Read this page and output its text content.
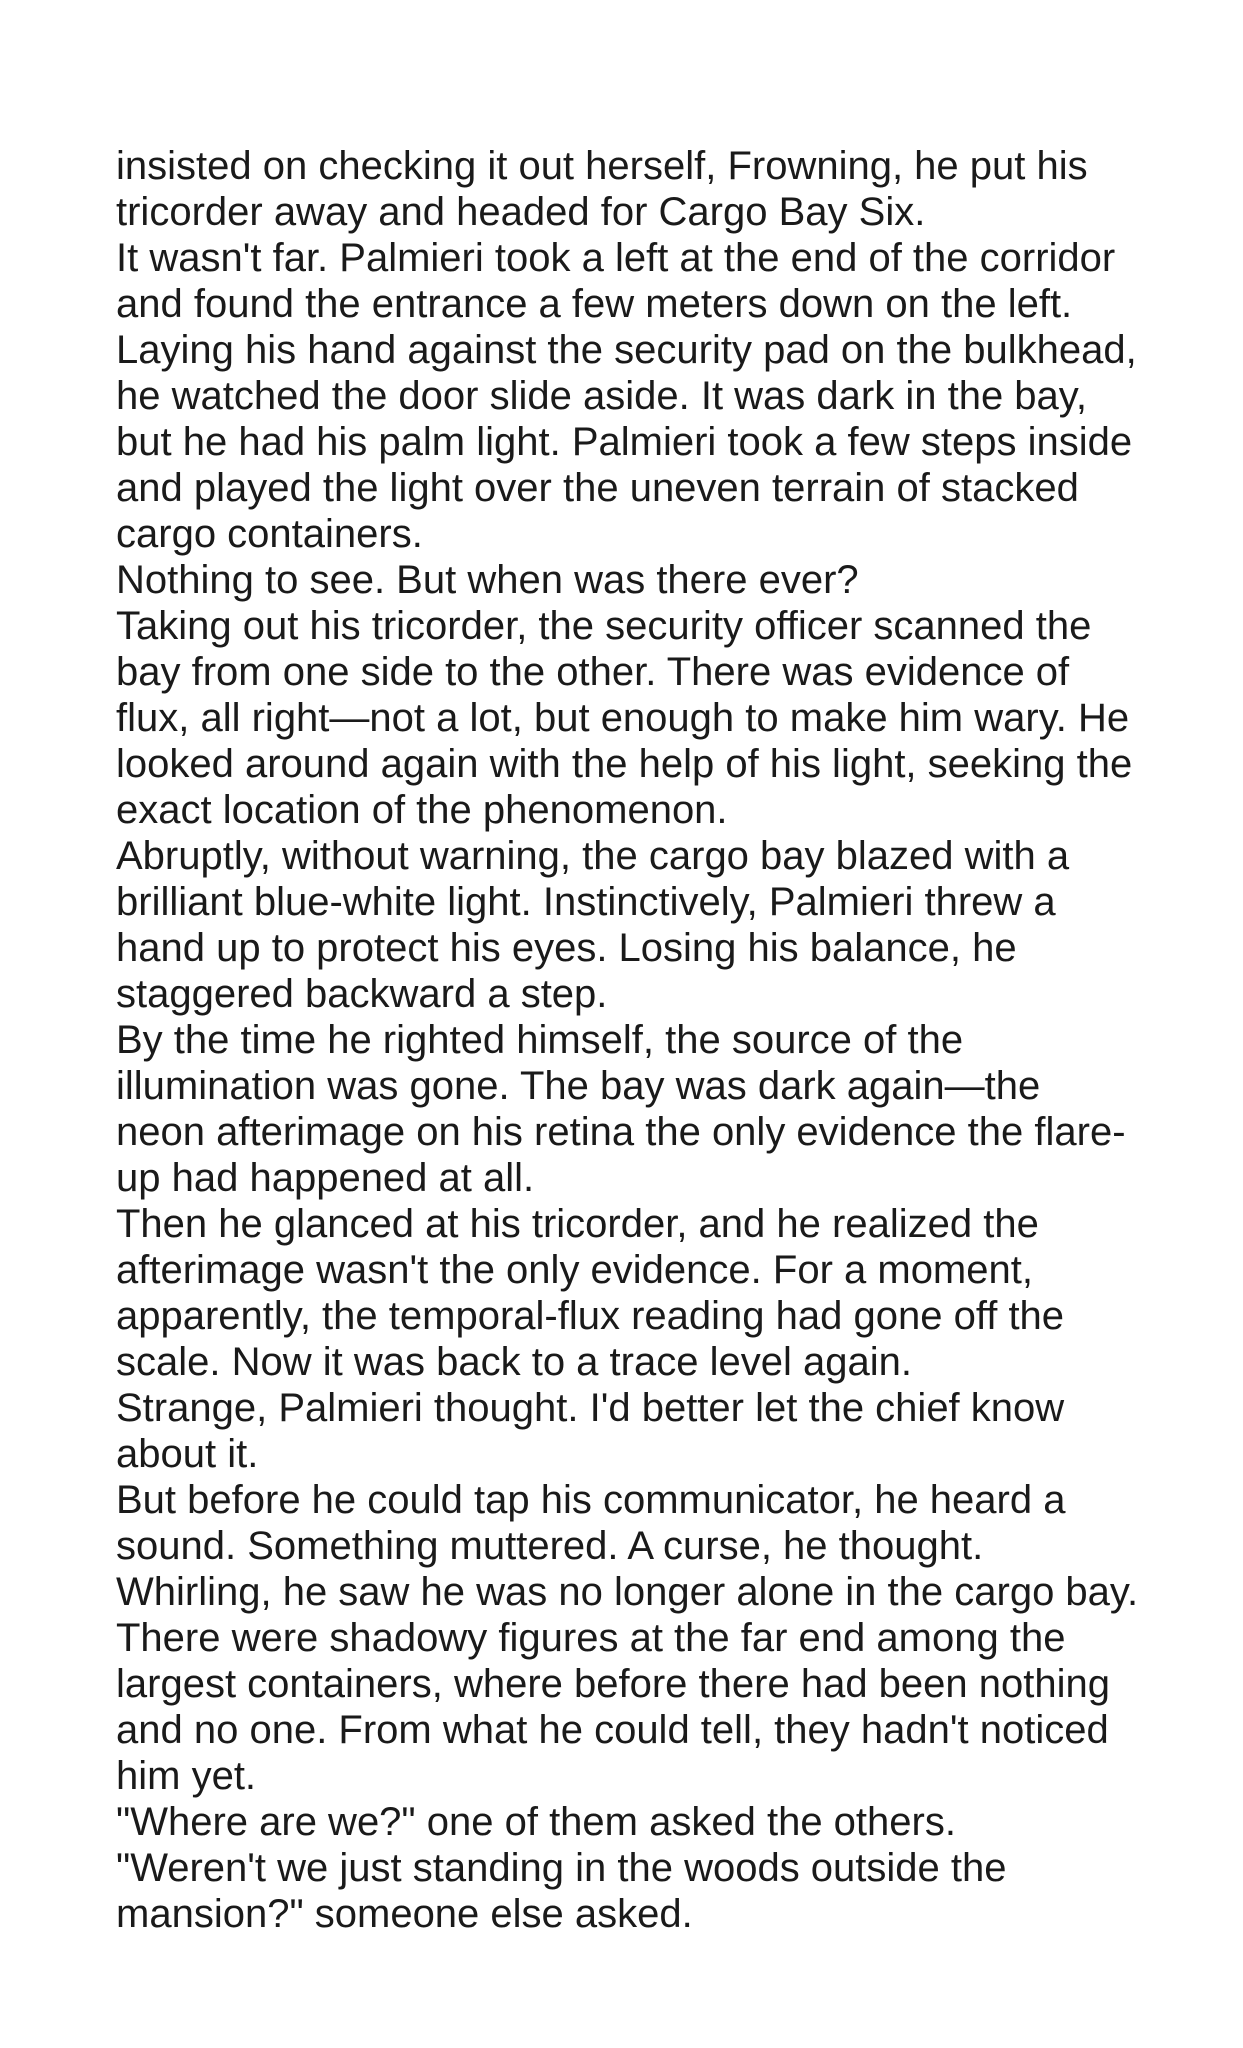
insisted on checking it out herself, Frowning, he put his
tricorder away and headed for Cargo Bay Six.

It wasn't far. Palmieri took a left at the end of the corridor
and found the entrance a few meters down on the left.
Laying his hand against the security pad on the bulkhead,
he watched the door slide aside. It was dark in the bay,
but he had his palm light. Palmieri took a few steps inside
and played the light over the uneven terrain of stacked
cargo containers.

Nothing to see. But when was there ever?

Taking out his tricorder, the security officer scanned the
bay from one side to the other. There was evidence of
flux, all right—not a lot, but enough to make him wary. He
looked around again with the help of his light, seeking the
exact location of the phenomenon.

Abruptly, without warning, the cargo bay blazed with a
brilliant blue-white light. Instinctively, Palmieri threw a
hand up to protect his eyes. Losing his balance, he
staggered backward a step.

By the time he righted himself, the source of the
illumination was gone. The bay was dark again—the
neon afterimage on his retina the only evidence the flare-
up had happened at all.

Then he glanced at his tricorder, and he realized the
afterimage wasn't the only evidence. For a moment,
apparently, the temporal-flux reading had gone off the
scale. Now it was back to a trace level again.

Strange, Palmieri thought. I'd better let the chief know
about it.

But before he could tap his communicator, he heard a
sound. Something muttered. A curse, he thought.

Whirling, he saw he was no longer alone in the cargo bay.
There were shadowy figures at the far end among the
largest containers, where before there had been nothing
and no one. From what he could tell, they hadn't noticed
him yet.

"Where are we?" one of them asked the others.

"Weren't we just standing in the woods outside the
mansion?" someone else asked.
